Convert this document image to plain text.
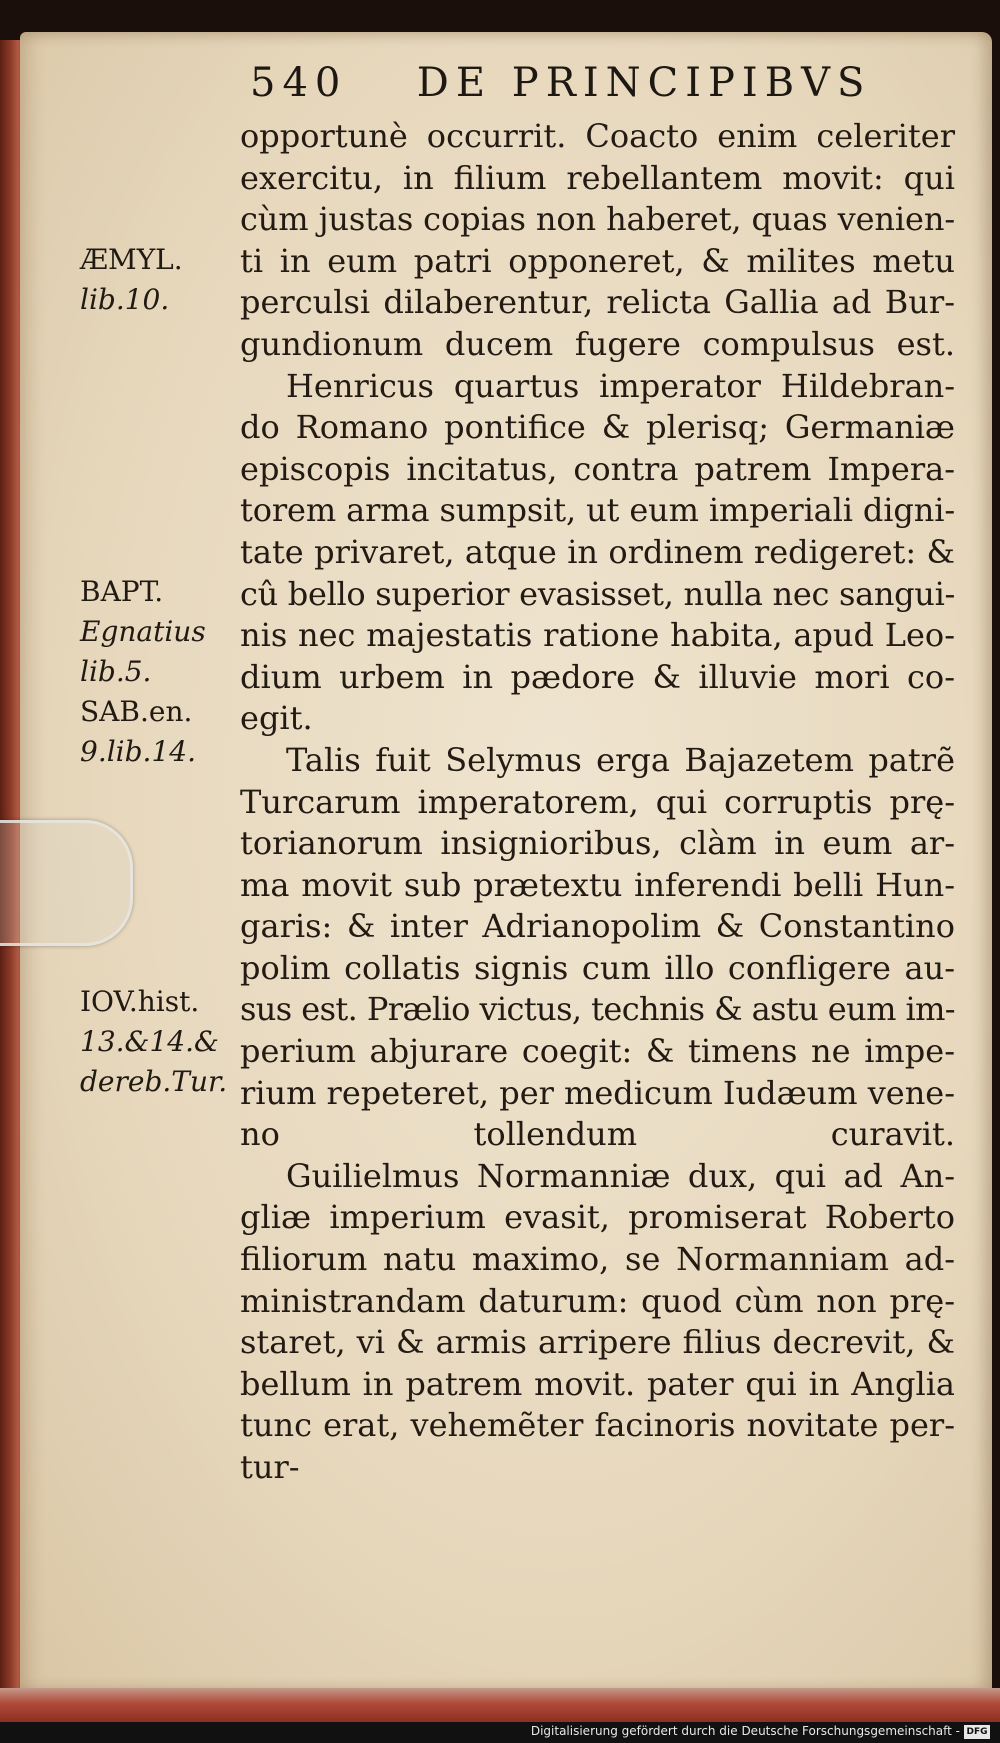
540 DE PRINCIPIBVS
ÆMYL.
lib.10.
BAPT.
Egnatius
lib.5.
SAB.en.
9.lib.14.
IOV.hist.
13.&14.&
dereb.Tur.
opportunè occurrit. Coacto enim celeriter
exercitu, in filium rebellantem movit: qui
cùm justas copias non haberet, quas venien-
ti in eum patri opponeret, & milites metu
perculsi dilaberentur, relicta Gallia ad Bur-
gundionum ducem fugere compulsus est.
Henricus quartus imperator Hildebran-
do Romano pontifice & plerisq; Germaniæ
episcopis incitatus, contra patrem Impera-
torem arma sumpsit, ut eum imperiali digni-
tate privaret, atque in ordinem redigeret: &
cû bello superior evasisset, nulla nec sangui-
nis nec majestatis ratione habita, apud Leo-
dium urbem in pædore & illuvie mori co-
egit.
Talis fuit Selymus erga Bajazetem patrẽ
Turcarum imperatorem, qui corruptis prę-
torianorum insignioribus, clàm in eum ar-
ma movit sub prætextu inferendi belli Hun-
garis: & inter Adrianopolim & Constantino
polim collatis signis cum illo confligere au-
sus est. Prælio victus, technis & astu eum im-
perium abjurare coegit: & timens ne impe-
rium repeteret, per medicum Iudæum vene-
no tollendum curavit.
Guilielmus Normanniæ dux, qui ad An-
gliæ imperium evasit, promiserat Roberto
filiorum natu maximo, se Normanniam ad-
ministrandam daturum: quod cùm non prę-
staret, vi & armis arripere filius decrevit, &
bellum in patrem movit. pater qui in Anglia
tunc erat, vehemẽter facinoris novitate per-
tur-
Digitalisierung gefördert durch die Deutsche Forschungsgemeinschaft - DFG
